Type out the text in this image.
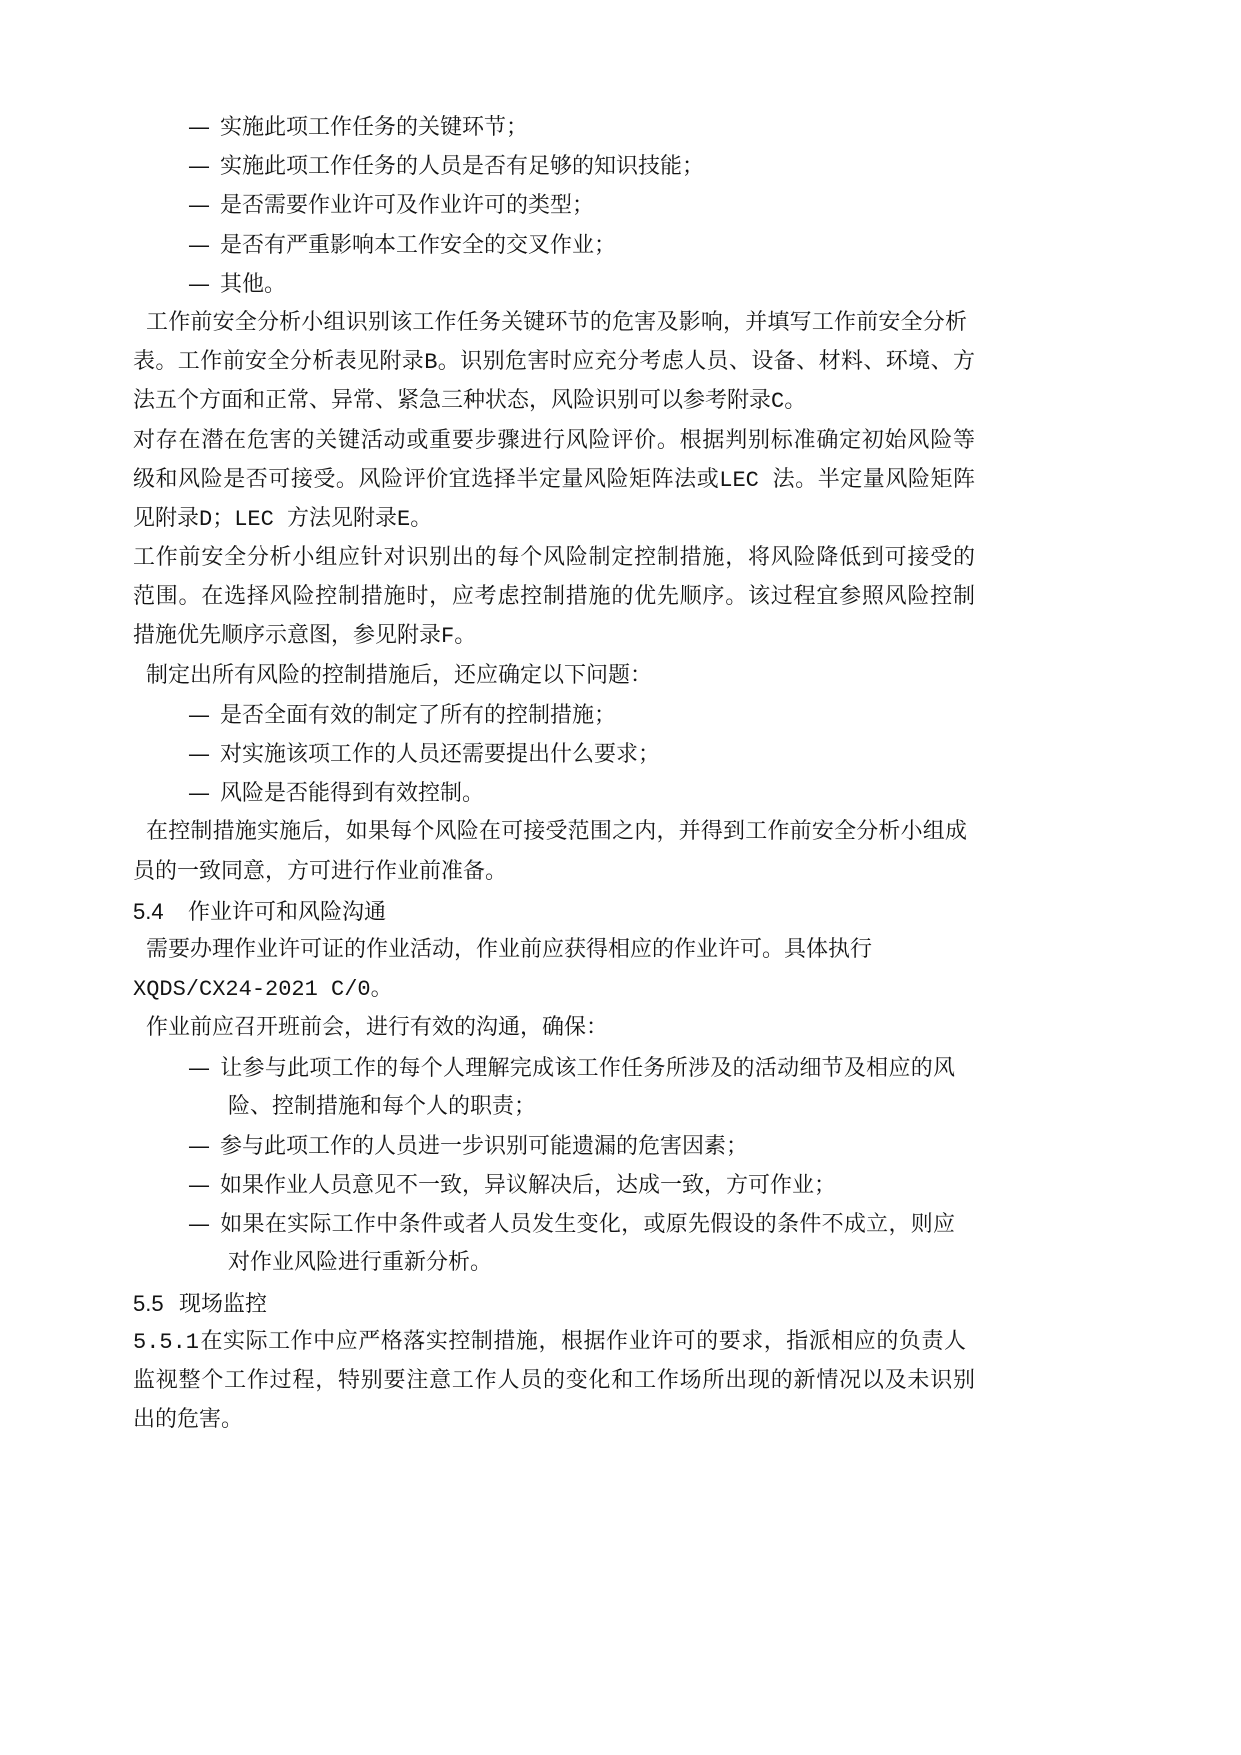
— 实施此项工作任务的关键环节；
— 实施此项工作任务的人员是否有足够的知识技能；
— 是否需要作业许可及作业许可的类型；
— 是否有严重影响本工作安全的交叉作业；
— 其他。
工作前安全分析小组识别该工作任务关键环节的危害及影响，并填写工作前安全分析
表。工作前安全分析表见附录B。识别危害时应充分考虑人员、设备、材料、环境、方
法五个方面和正常、异常、紧急三种状态，风险识别可以参考附录C。
对存在潜在危害的关键活动或重要步骤进行风险评价。根据判别标准确定初始风险等
级和风险是否可接受。风险评价宜选择半定量风险矩阵法或LEC 法。半定量风险矩阵
见附录D；LEC 方法见附录E。
工作前安全分析小组应针对识别出的每个风险制定控制措施，将风险降低到可接受的
范围。在选择风险控制措施时，应考虑控制措施的优先顺序。该过程宜参照风险控制
措施优先顺序示意图，参见附录F。
制定出所有风险的控制措施后，还应确定以下问题：
— 是否全面有效的制定了所有的控制措施；
— 对实施该项工作的人员还需要提出什么要求；
— 风险是否能得到有效控制。
在控制措施实施后，如果每个风险在可接受范围之内，并得到工作前安全分析小组成
员的一致同意，方可进行作业前准备。
5.4 作业许可和风险沟通
需要办理作业许可证的作业活动，作业前应获得相应的作业许可。具体执行
XQDS/CX24-2021 C/0。
作业前应召开班前会，进行有效的沟通，确保：
— 让参与此项工作的每个人理解完成该工作任务所涉及的活动细节及相应的风
险、控制措施和每个人的职责；
— 参与此项工作的人员进一步识别可能遗漏的危害因素；
— 如果作业人员意见不一致，异议解决后，达成一致，方可作业；
— 如果在实际工作中条件或者人员发生变化，或原先假设的条件不成立，则应
对作业风险进行重新分析。
5.5 现场监控
5.5.1在实际工作中应严格落实控制措施，根据作业许可的要求，指派相应的负责人
监视整个工作过程，特别要注意工作人员的变化和工作场所出现的新情况以及未识别
出的危害。
